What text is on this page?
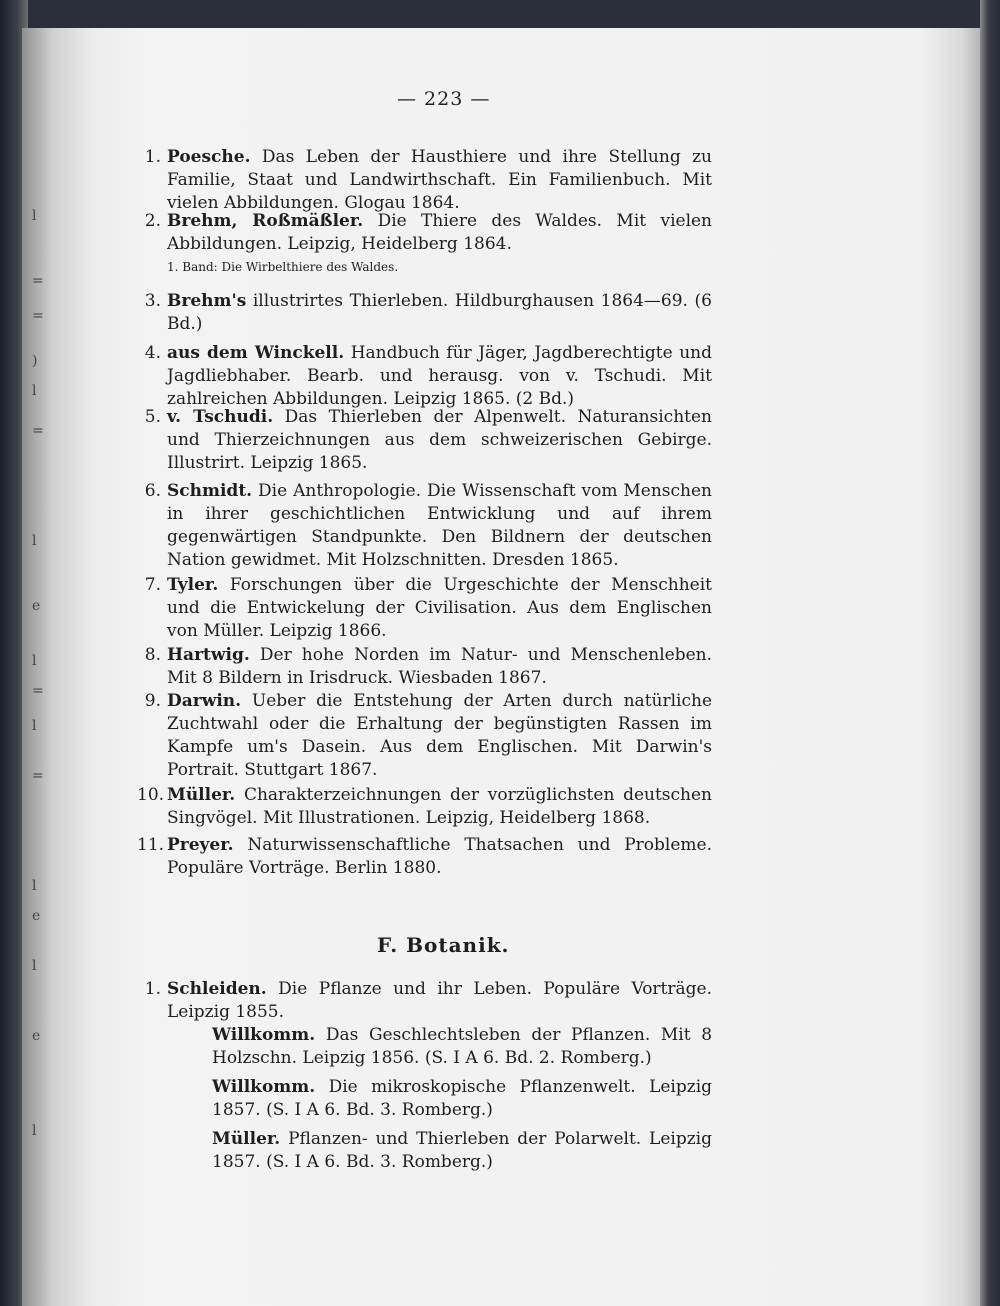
l
=
=
)
l
=
l
e
l
=
l
=
l
e
l
e
l
— 223 —
1. Poesche. Das Leben der Hausthiere und ihre Stellung zu Familie, Staat und Landwirthschaft. Ein Familienbuch. Mit vielen Abbildungen. Glogau 1864.
2. Brehm, Roßmäßler. Die Thiere des Waldes. Mit vielen Abbildungen. Leipzig, Heidelberg 1864.
1. Band: Die Wirbelthiere des Waldes.
3. Brehm's illustrirtes Thierleben. Hildburghausen 1864—69. (6 Bd.)
4. aus dem Winckell. Handbuch für Jäger, Jagdberechtigte und Jagdliebhaber. Bearb. und herausg. von v. Tschudi. Mit zahlreichen Abbildungen. Leipzig 1865. (2 Bd.)
5. v. Tschudi. Das Thierleben der Alpenwelt. Naturansichten und Thierzeichnungen aus dem schweizerischen Gebirge. Illustrirt. Leipzig 1865.
6. Schmidt. Die Anthropologie. Die Wissenschaft vom Menschen in ihrer geschichtlichen Entwicklung und auf ihrem gegenwärtigen Standpunkte. Den Bildnern der deutschen Nation gewidmet. Mit Holzschnitten. Dresden 1865.
7. Tyler. Forschungen über die Urgeschichte der Menschheit und die Entwickelung der Civilisation. Aus dem Englischen von Müller. Leipzig 1866.
8. Hartwig. Der hohe Norden im Natur- und Menschenleben. Mit 8 Bildern in Irisdruck. Wiesbaden 1867.
9. Darwin. Ueber die Entstehung der Arten durch natürliche Zuchtwahl oder die Erhaltung der begünstigten Rassen im Kampfe um's Dasein. Aus dem Englischen. Mit Darwin's Portrait. Stuttgart 1867.
10. Müller. Charakterzeichnungen der vorzüglichsten deutschen Singvögel. Mit Illustrationen. Leipzig, Heidelberg 1868.
11. Preyer. Naturwissenschaftliche Thatsachen und Probleme. Populäre Vorträge. Berlin 1880.
F. Botanik.
1. Schleiden. Die Pflanze und ihr Leben. Populäre Vorträge. Leipzig 1855.
Willkomm. Das Geschlechtsleben der Pflanzen. Mit 8 Holzschn. Leipzig 1856. (S. I A 6. Bd. 2. Romberg.)
Willkomm. Die mikroskopische Pflanzenwelt. Leipzig 1857. (S. I A 6. Bd. 3. Romberg.)
Müller. Pflanzen- und Thierleben der Polarwelt. Leipzig 1857. (S. I A 6. Bd. 3. Romberg.)
